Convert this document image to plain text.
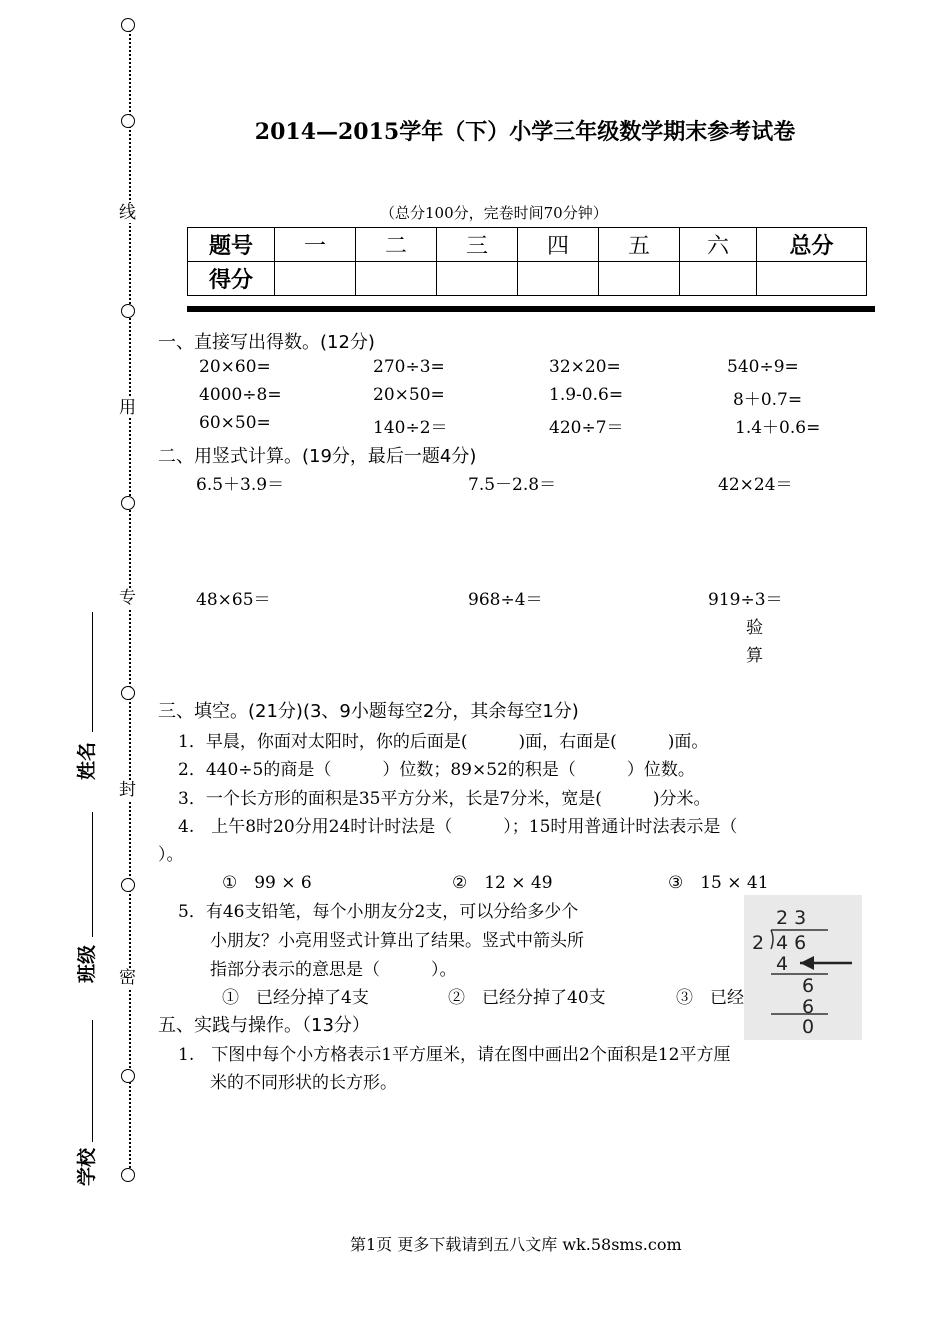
线
用
专
封
密
姓名
班级
学校
2014—2015学年（下）小学三年级数学期末参考试卷
（总分100分，完卷时间70分钟）
题号	一	二	三	四	五	六	总分
得分							
一、直接写出得数。(12分)
20×60=	270÷3=	32×20=	540÷9=
4000÷8=	20×50=	1.9-0.6=	8＋0.7=
60×50=	140÷2＝	420÷7＝	1.4＋0.6=
二、用竖式计算。(19分，最后一题4分)
6.5＋3.9＝	7.5－2.8＝	42×24＝
48×65＝	968÷4＝	919÷3＝
验
算
三、填空。(21分)(3、9小题每空2分，其余每空1分)
1．早晨，你面对太阳时，你的后面是(　　　)面，右面是(　　　)面。
2．440÷5的商是（　　　）位数；89×52的积是（　　　）位数。
3．一个长方形的面积是35平方分米，长是7分米，宽是(　　　)分米。
4.　上午8时20分用24时计时法是（　　　）；15时用普通计时法表示是（
）。
①　99 × 6	②　12 × 49	③　15 × 41
5．有46支铅笔，每个小朋友分2支，可以分给多少个
小朋友？小亮用竖式计算出了结果。竖式中箭头所
指部分表示的意思是（　　　）。
①　已经分掉了4支	②　已经分掉了40支	③　已经
2 3
2 4 6
4
6
6
0
五、实践与操作。（13分）
1.　下图中每个小方格表示1平方厘米，请在图中画出2个面积是12平方厘
米的不同形状的长方形。
第1页 更多下载请到五八文库 wk.58sms.com
